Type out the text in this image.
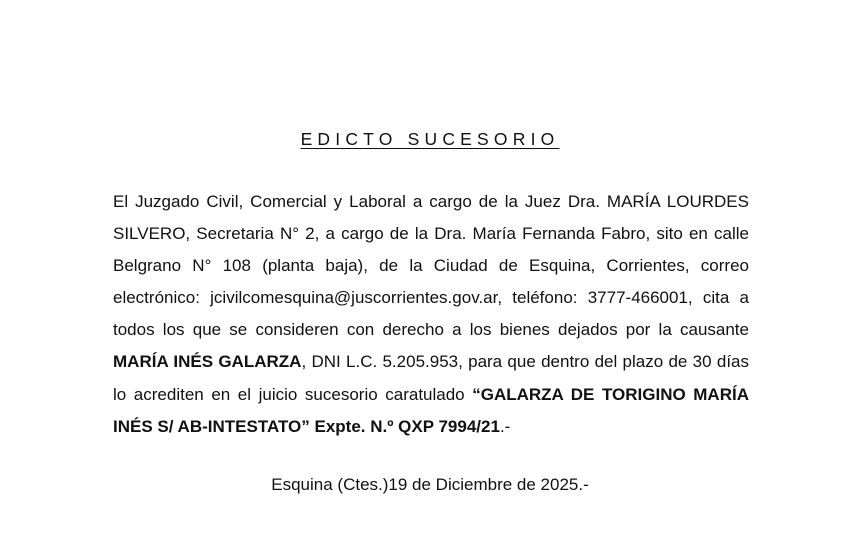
EDICTO SUCESORIO

El Juzgado Civil, Comercial y Laboral a cargo de la Juez Dra. MARÍA LOURDES SILVERO, Secretaria N° 2, a cargo de la Dra. María Fernanda Fabro, sito en calle Belgrano N° 108 (planta baja), de la Ciudad de Esquina, Corrientes, correo electrónico: jcivilcomesquina@juscorrientes.gov.ar, teléfono: 3777-466001, cita a todos los que se consideren con derecho a los bienes dejados por la causante MARÍA INÉS GALARZA, DNI L.C. 5.205.953, para que dentro del plazo de 30 días lo acrediten en el juicio sucesorio caratulado “GALARZA DE TORIGINO MARÍA INÉS S/ AB-INTESTATO” Expte. N.º QXP 7994/21.-

Esquina (Ctes.)19 de Diciembre de 2025.-
